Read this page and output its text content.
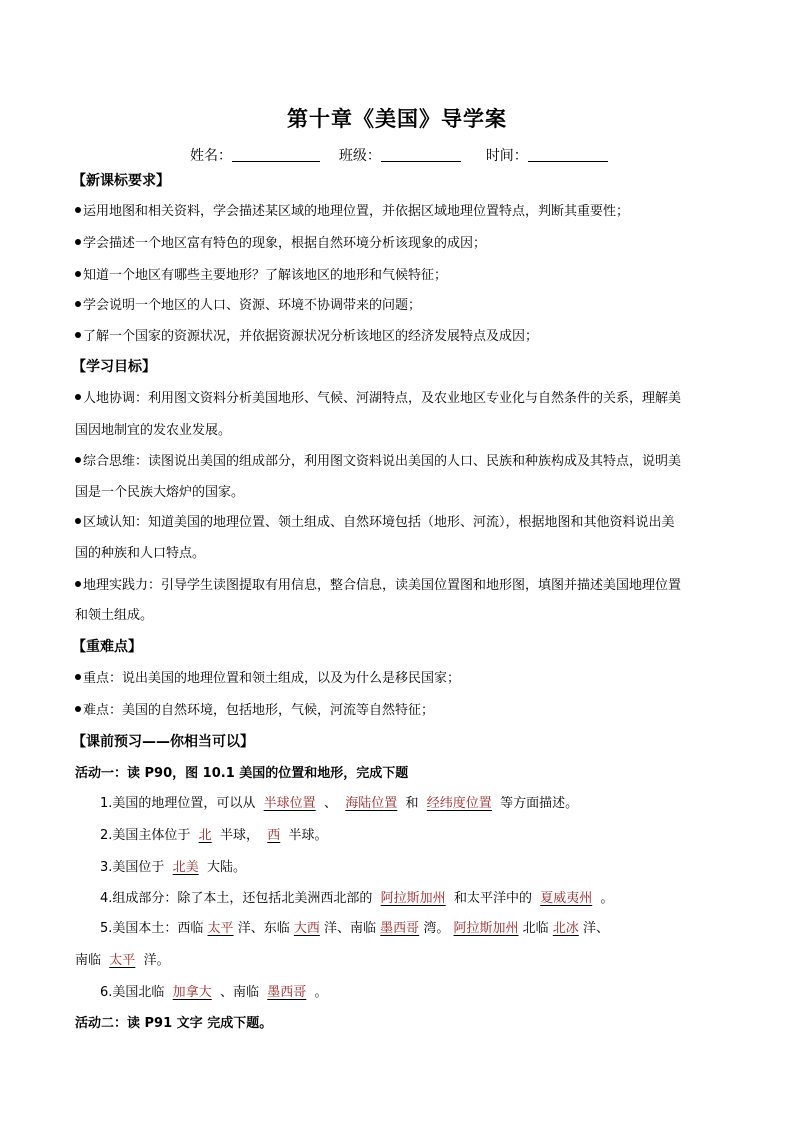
第十章《美国》导学案
姓名：	班级：	时间：
【新课标要求】
运用地图和相关资料，学会描述某区域的地理位置，并依据区域地理位置特点，判断其重要性；
学会描述一个地区富有特色的现象，根据自然环境分析该现象的成因；
知道一个地区有哪些主要地形？了解该地区的地形和气候特征；
学会说明一个地区的人口、资源、环境不协调带来的问题；
了解一个国家的资源状况，并依据资源状况分析该地区的经济发展特点及成因；
【学习目标】
人地协调：利用图文资料分析美国地形、气候、河湖特点，及农业地区专业化与自然条件的关系，理解美
国因地制宜的发农业发展。
综合思维：读图说出美国的组成部分，利用图文资料说出美国的人口、民族和种族构成及其特点，说明美
国是一个民族大熔炉的国家。
区域认知：知道美国的地理位置、领土组成、自然环境包括（地形、河流），根据地图和其他资料说出美
国的种族和人口特点。
地理实践力：引导学生读图提取有用信息，整合信息，读美国位置图和地形图，填图并描述美国地理位置
和领土组成。
【重难点】
重点：说出美国的地理位置和领土组成，以及为什么是移民国家；
难点：美国的自然环境，包括地形，气候，河流等自然特征；
【课前预习——你相当可以】
活动一：读 P90，图 10.1 美国的位置和地形，完成下题
1.美国的地理位置，可以从 半球位置 、 海陆位置 和 经纬度位置 等方面描述。
2.美国主体位于 北 半球， 西 半球。
3.美国位于 北美 大陆。
4.组成部分：除了本土，还包括北美洲西北部的 阿拉斯加州 和太平洋中的 夏威夷州 。
5.美国本土：西临 太平 洋、东临 大西 洋、南临 墨西哥 湾。 阿拉斯加州 北临 北冰 洋、
南临 太平 洋。
6.美国北临 加拿大 、南临 墨西哥 。
活动二：读 P91 文字 完成下题。
